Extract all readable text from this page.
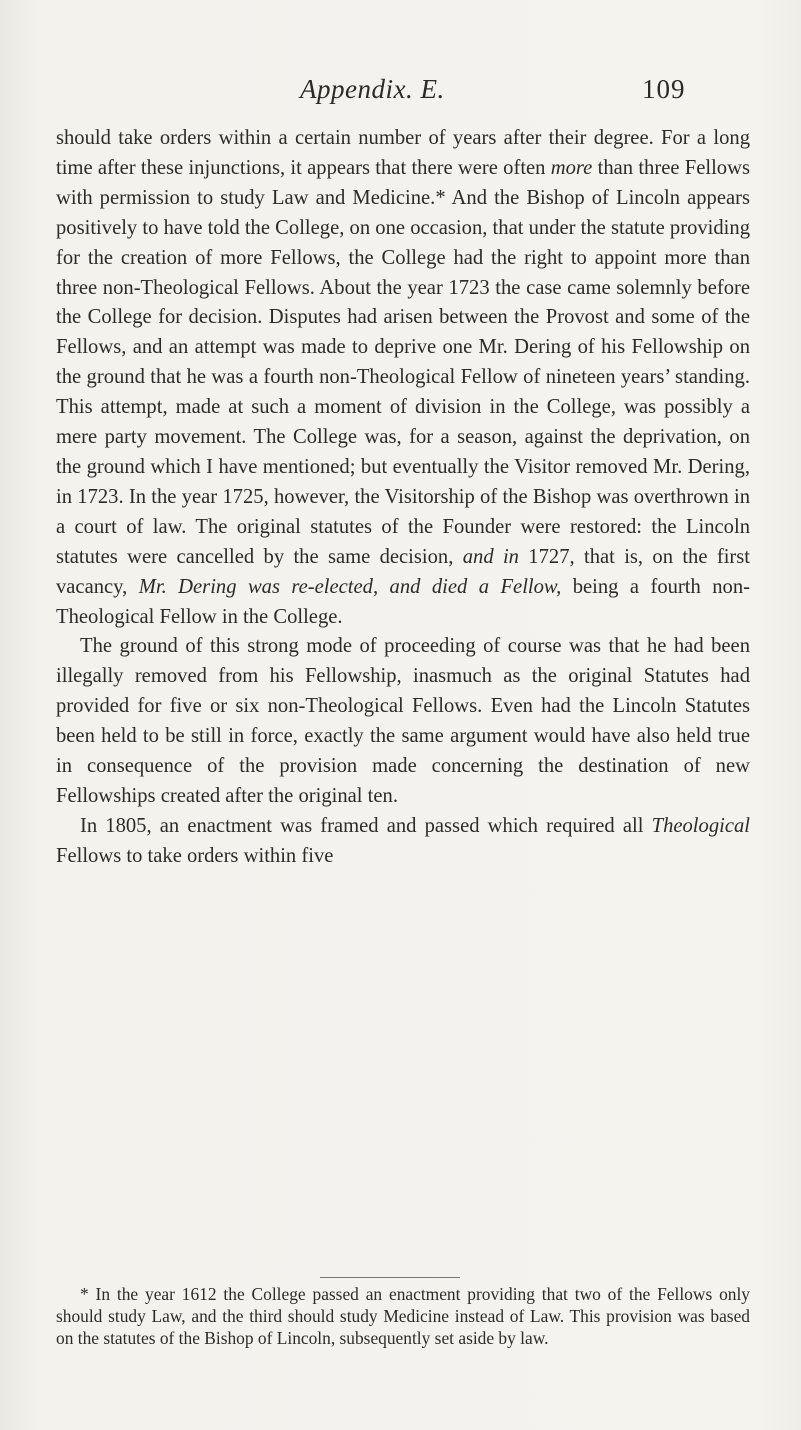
Appendix. E.	109

should take orders within a certain number of years after their degree. For a long time after these injunctions, it appears that there were often more than three Fellows with permission to study Law and Medicine.* And the Bishop of Lincoln appears positively to have told the College, on one occasion, that under the statute providing for the creation of more Fellows, the College had the right to appoint more than three non-Theological Fellows. About the year 1723 the case came solemnly before the College for decision. Disputes had arisen between the Provost and some of the Fellows, and an attempt was made to deprive one Mr. Dering of his Fellowship on the ground that he was a fourth non-Theological Fellow of nineteen years’ standing. This attempt, made at such a moment of division in the College, was possibly a mere party movement. The College was, for a season, against the deprivation, on the ground which I have mentioned; but eventually the Visitor removed Mr. Dering, in 1723. In the year 1725, however, the Visitorship of the Bishop was overthrown in a court of law. The original statutes of the Founder were restored: the Lincoln statutes were cancelled by the same decision, and in 1727, that is, on the first vacancy, Mr. Dering was re-elected, and died a Fellow, being a fourth non-Theological Fellow in the College.

The ground of this strong mode of proceeding of course was that he had been illegally removed from his Fellowship, inasmuch as the original Statutes had provided for five or six non-Theological Fellows. Even had the Lincoln Statutes been held to be still in force, exactly the same argument would have also held true in consequence of the provision made concerning the destination of new Fellowships created after the original ten.

In 1805, an enactment was framed and passed which required all Theological Fellows to take orders within five

* In the year 1612 the College passed an enactment providing that two of the Fellows only should study Law, and the third should study Medicine instead of Law. This provision was based on the statutes of the Bishop of Lincoln, subsequently set aside by law.
